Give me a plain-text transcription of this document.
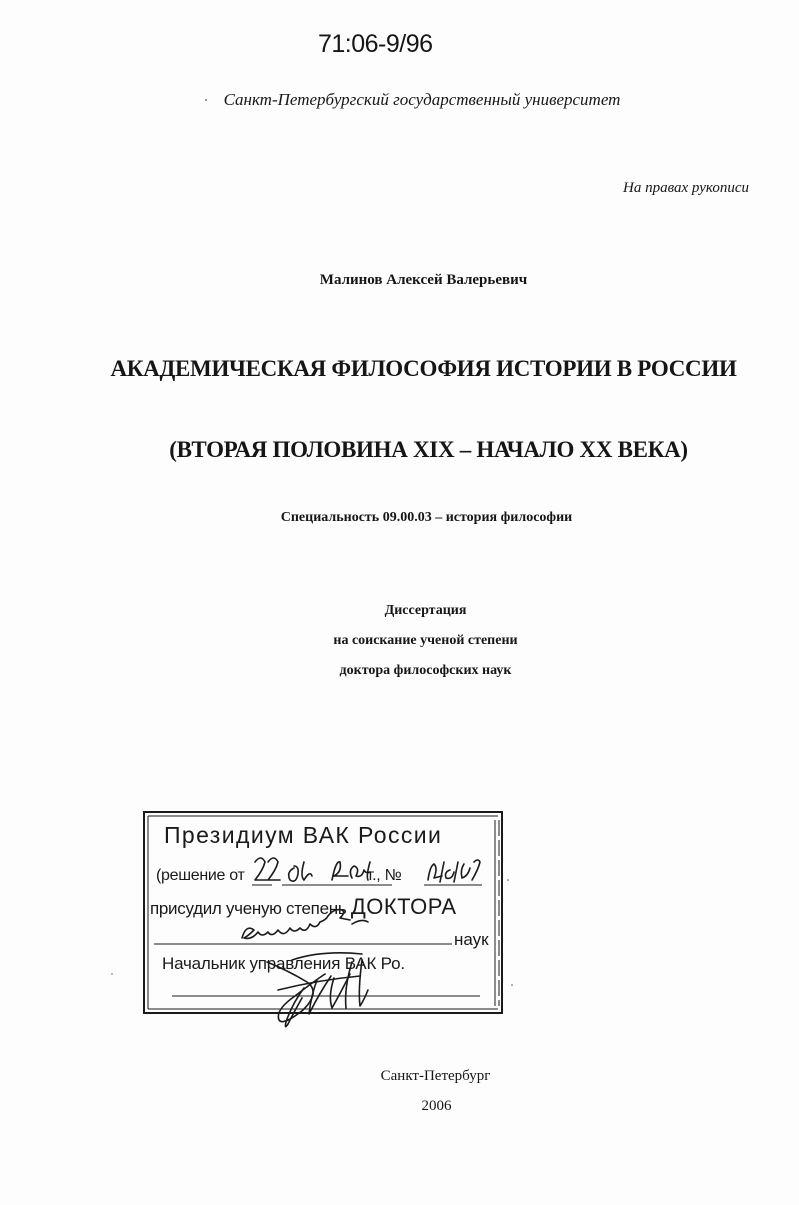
71:06-9/96
Санкт-Петербургский государственный университет
На правах рукописи
Малинов Алексей Валерьевич
АКАДЕМИЧЕСКАЯ ФИЛОСОФИЯ ИСТОРИИ В РОССИИ
(ВТОРАЯ ПОЛОВИНА XIX – НАЧАЛО XX ВЕКА)
Специальность 09.00.03 – история философии
Диссертация
на соискание ученой степени
доктора философских наук
Президиум ВАК России
(решение от	г., №
присудил ученую степень ДОКТОРА
наук
Начальник управления ВАК Ро.
Санкт-Петербург
2006
